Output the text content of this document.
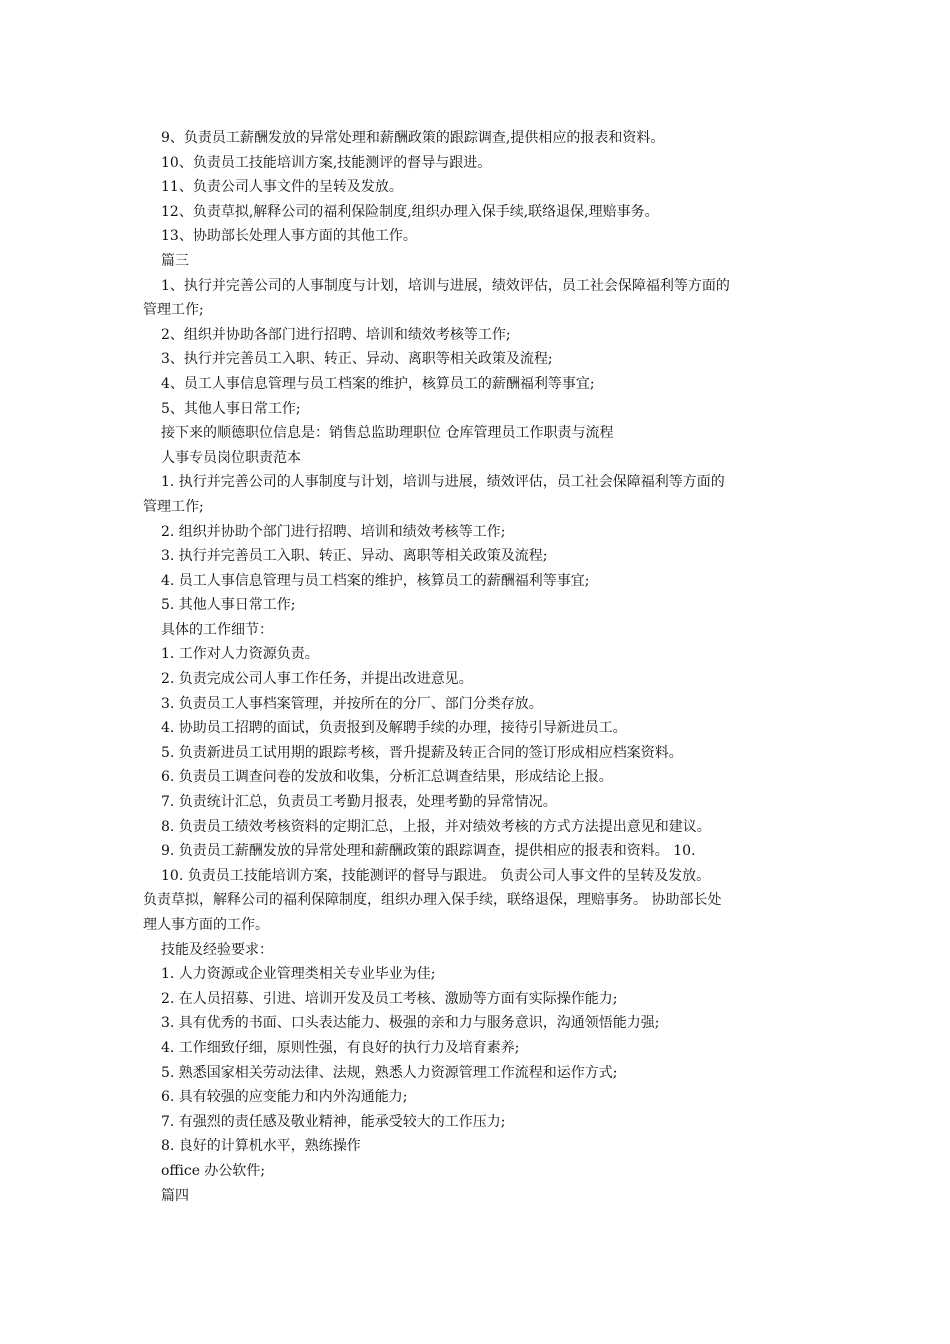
9、负责员工薪酬发放的异常处理和薪酬政策的跟踪调查,提供相应的报表和资料。
10、负责员工技能培训方案,技能测评的督导与跟进。
11、负责公司人事文件的呈转及发放。
12、负责草拟,解释公司的福利保险制度,组织办理入保手续,联络退保,理赔事务。
13、协助部长处理人事方面的其他工作。
篇三
1、执行并完善公司的人事制度与计划，培训与进展，绩效评估，员工社会保障福利等方面的
管理工作;
2、组织并协助各部门进行招聘、培训和绩效考核等工作;
3、执行并完善员工入职、转正、异动、离职等相关政策及流程;
4、员工人事信息管理与员工档案的维护，核算员工的薪酬福利等事宜;
5、其他人事日常工作;
接下来的顺德职位信息是：销售总监助理职位 仓库管理员工作职责与流程
人事专员岗位职责范本
1. 执行并完善公司的人事制度与计划，培训与进展，绩效评估，员工社会保障福利等方面的
管理工作;
2. 组织并协助个部门进行招聘、培训和绩效考核等工作;
3. 执行并完善员工入职、转正、异动、离职等相关政策及流程;
4. 员工人事信息管理与员工档案的维护，核算员工的薪酬福利等事宜;
5. 其他人事日常工作;
具体的工作细节：
1. 工作对人力资源负责。
2. 负责完成公司人事工作任务，并提出改进意见。
3. 负责员工人事档案管理，并按所在的分厂、部门分类存放。
4. 协助员工招聘的面试，负责报到及解聘手续的办理，接待引导新进员工。
5. 负责新进员工试用期的跟踪考核，晋升提薪及转正合同的签订形成相应档案资料。
6. 负责员工调查问卷的发放和收集，分析汇总调查结果，形成结论上报。
7. 负责统计汇总，负责员工考勤月报表，处理考勤的异常情况。
8. 负责员工绩效考核资料的定期汇总，上报，并对绩效考核的方式方法提出意见和建议。
9. 负责员工薪酬发放的异常处理和薪酬政策的跟踪调查，提供相应的报表和资料。 10.
10. 负责员工技能培训方案，技能测评的督导与跟进。 负责公司人事文件的呈转及发放。
负责草拟，解释公司的福利保障制度，组织办理入保手续，联络退保，理赔事务。 协助部长处
理人事方面的工作。
技能及经验要求：
1. 人力资源或企业管理类相关专业毕业为佳;
2. 在人员招募、引进、培训开发及员工考核、激励等方面有实际操作能力;
3. 具有优秀的书面、口头表达能力、极强的亲和力与服务意识，沟通领悟能力强;
4. 工作细致仔细，原则性强，有良好的执行力及培育素养;
5. 熟悉国家相关劳动法律、法规，熟悉人力资源管理工作流程和运作方式;
6. 具有较强的应变能力和内外沟通能力;
7. 有强烈的责任感及敬业精神，能承受较大的工作压力;
8. 良好的计算机水平，熟练操作
office 办公软件;
篇四
